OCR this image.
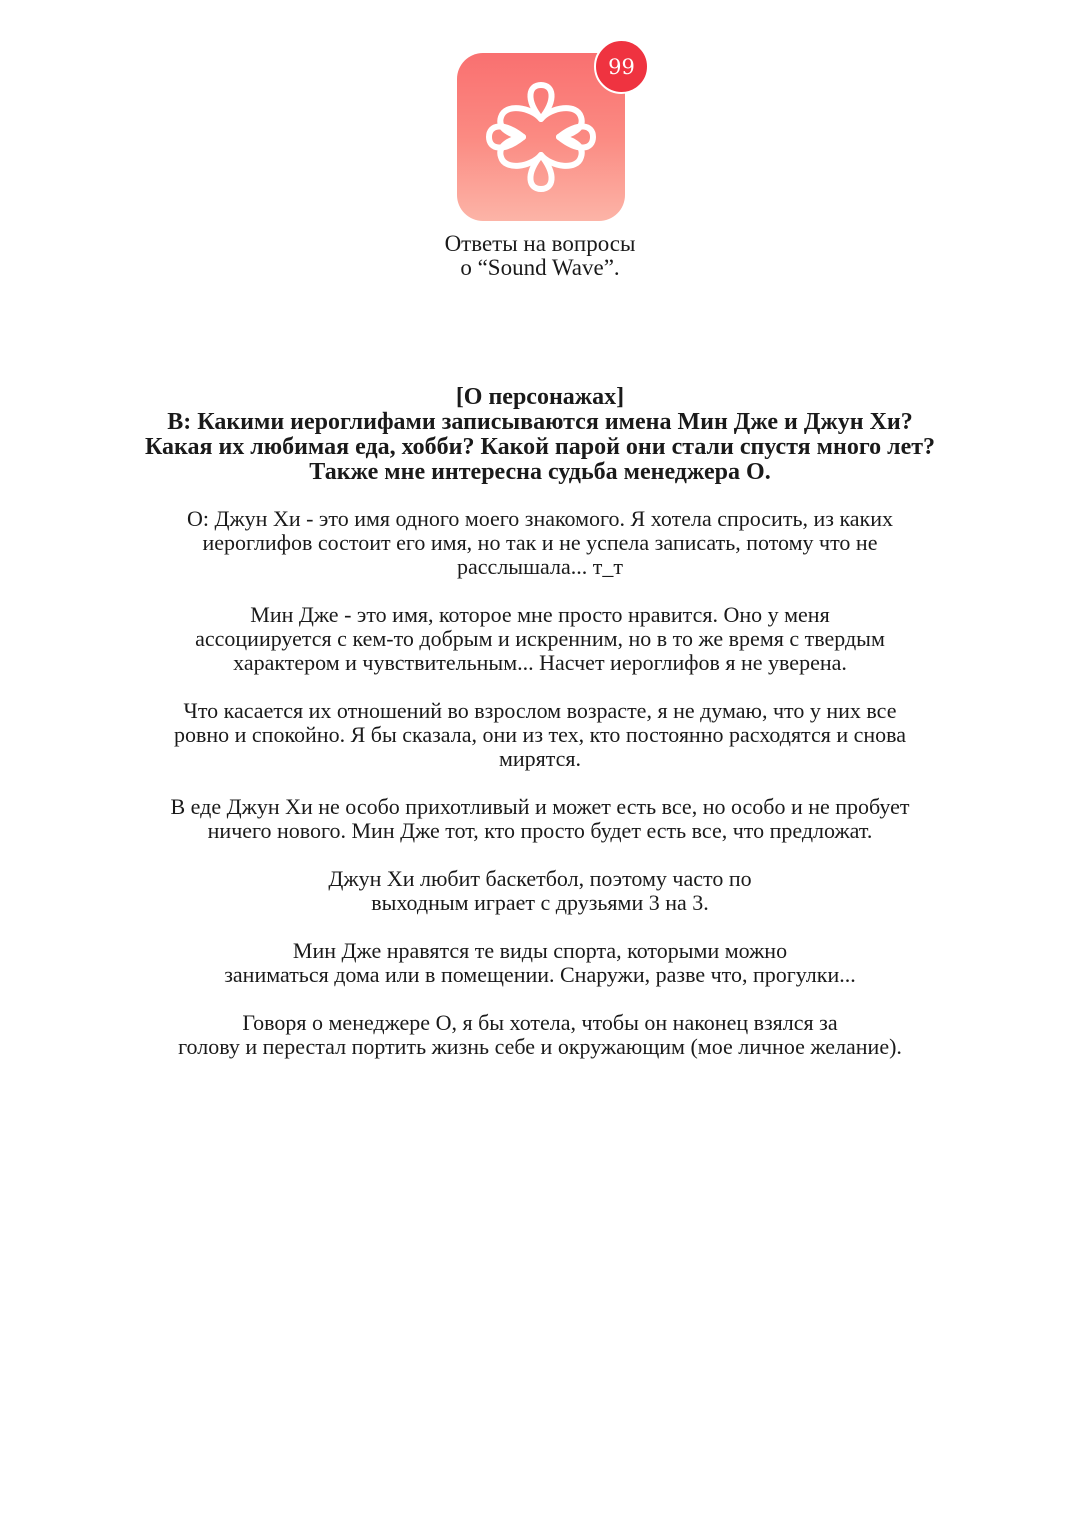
99
Ответы на вопросы
о “Sound Wave”.
[О персонажах]
В: Какими иероглифами записываются имена Мин Дже и Джун Хи?
Какая их любимая еда, хобби? Какой парой они стали спустя много лет?
Также мне интересна судьба менеджера О.
О: Джун Хи - это имя одного моего знакомого. Я хотела спросить, из каких
иероглифов состоит его имя, но так и не успела записать, потому что не
расслышала... т_т
Мин Дже - это имя, которое мне просто нравится. Оно у меня
ассоциируется с кем-то добрым и искренним, но в то же время с твердым
характером и чувствительным... Насчет иероглифов я не уверена.
Что касается их отношений во взрослом возрасте, я не думаю, что у них все
ровно и спокойно. Я бы сказала, они из тех, кто постоянно расходятся и снова
мирятся.
В еде Джун Хи не особо прихотливый и может есть все, но особо и не пробует
ничего нового. Мин Дже тот, кто просто будет есть все, что предложат.
Джун Хи любит баскетбол, поэтому часто по
выходным играет с друзьями 3 на 3.
Мин Дже нравятся те виды спорта, которыми можно
заниматься дома или в помещении. Снаружи, разве что, прогулки...
Говоря о менеджере О, я бы хотела, чтобы он наконец взялся за
голову и перестал портить жизнь себе и окружающим (мое личное желание).
